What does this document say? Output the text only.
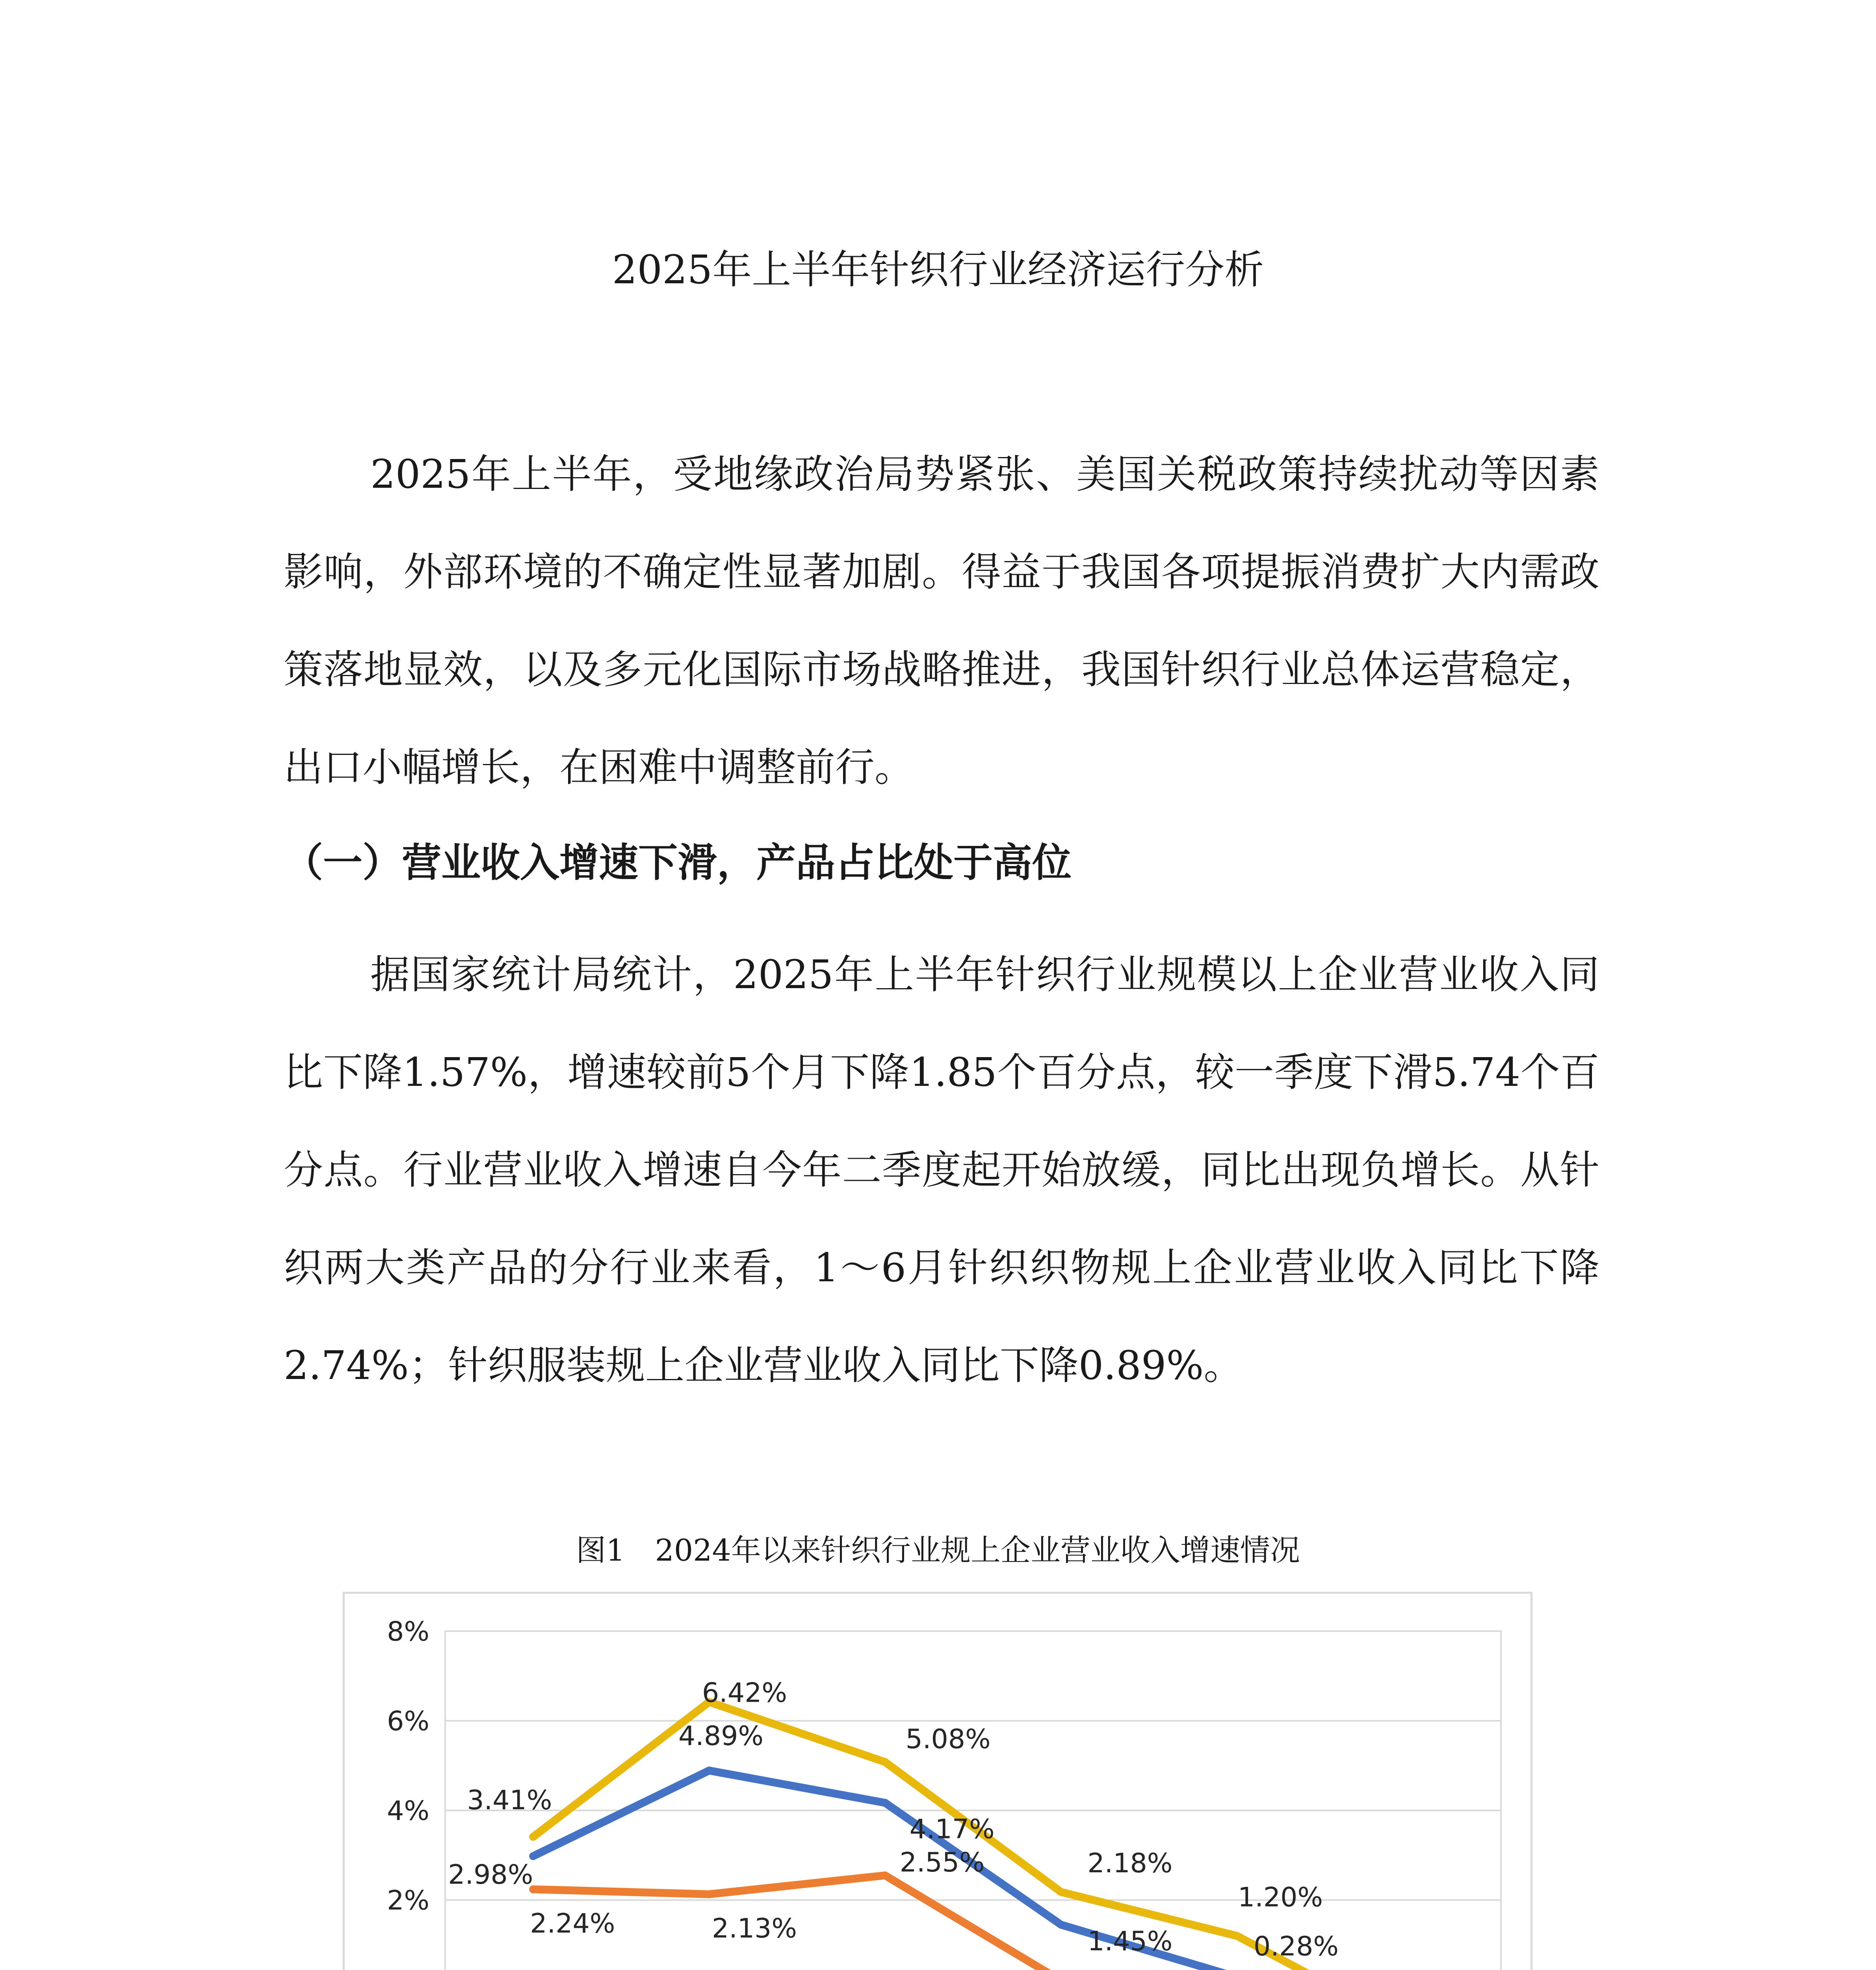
2025年上半年针织行业经济运行分析

2025年上半年，受地缘政治局势紧张、美国关税政策持续扰动等因素影响，外部环境的不确定性显著加剧。得益于我国各项提振消费扩大内需政策落地显效，以及多元化国际市场战略推进，我国针织行业总体运营稳定，出口小幅增长，在困难中调整前行。

（一）营业收入增速下滑，产品占比处于高位

据国家统计局统计，2025年上半年针织行业规模以上企业营业收入同比下降1.57%，增速较前5个月下降1.85个百分点，较一季度下滑5.74个百分点。行业营业收入增速自今年二季度起开始放缓，同比出现负增长。从针织两大类产品的分行业来看，1～6月针织织物规上企业营业收入同比下降2.74%；针织服装规上企业营业收入同比下降0.89%。

图1　2024年以来针织行业规上企业营业收入增速情况
2%
4%
6%
8%
2.98%
4.89%
4.17%
1.45%	0.28%
2.24%	2.13%
2.55%
3.41%
6.42%
5.08%
2.18%
1.20%
